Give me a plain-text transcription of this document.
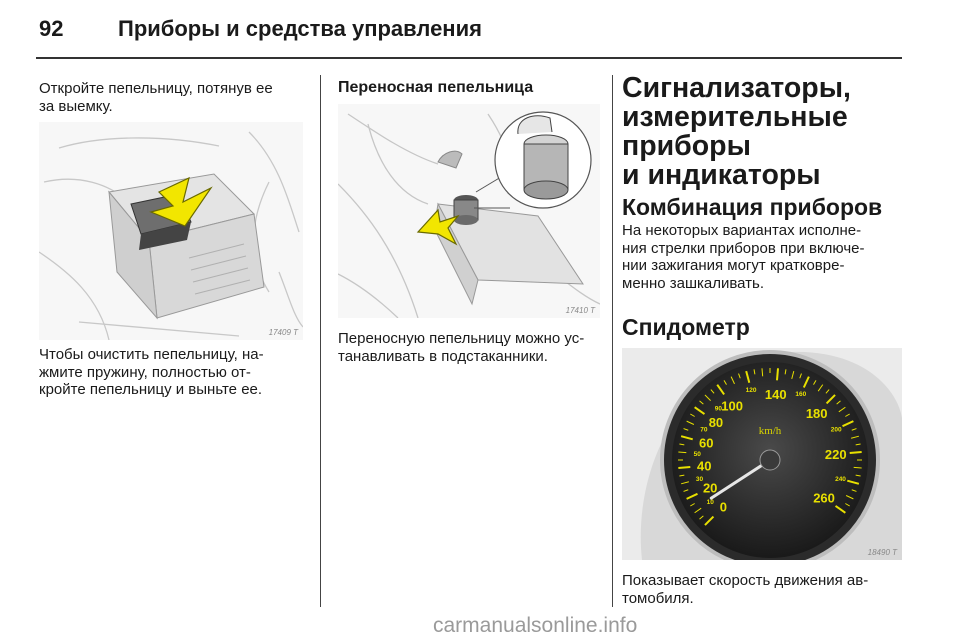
92 Приборы и средства управления

Откройте пепельницу, потянув ее
за выемку.

17409 T

Чтобы очистить пепельницу, на-
жмите пружину, полностью от-
кройте пепельницу и выньте ее.

Переносная пепельница
17410 T

Переносную пепельницу можно ус-
танавливать в подстаканники.

Сигнализаторы,
измерительные
приборы
и индикаторы
Комбинация приборов

На некоторых вариантах исполне-
ния стрелки приборов при включе-
нии зажигания могут кратковре-
менно зашкаливать.

Спидометр
0
20
40
60
80
100
140
180
220
260
10
30
50
70
90
120
160
200
240
km/h
18490 T

Показывает скорость движения ав-
томобиля.

carmanualsonline.info
